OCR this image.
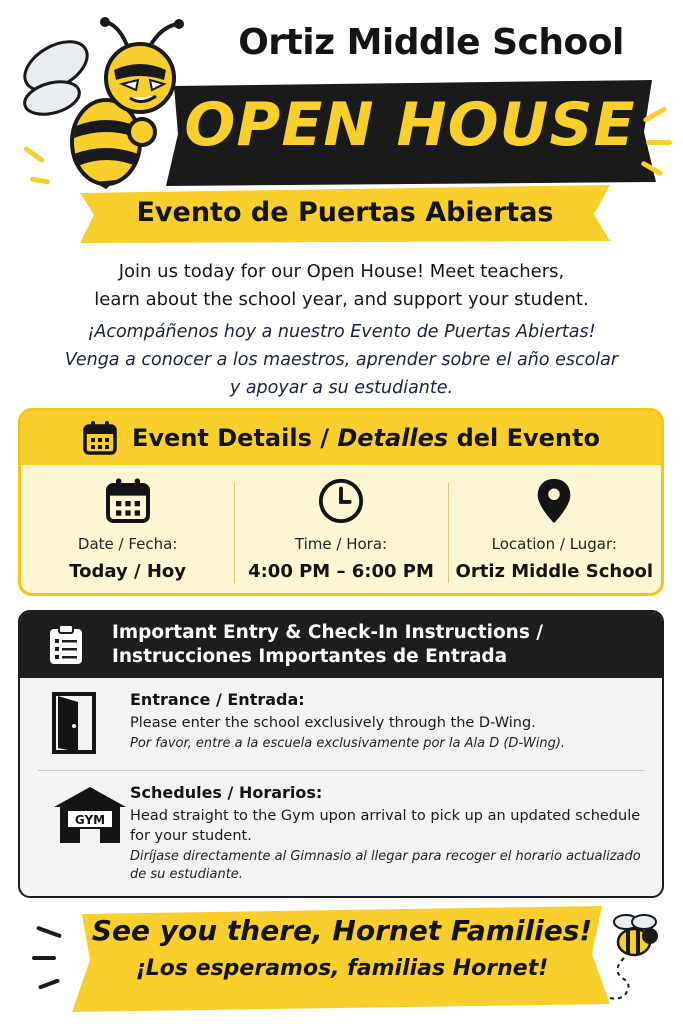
Ortiz Middle School
OPEN HOUSE
Evento de Puertas Abiertas
Join us today for our Open House! Meet teachers,
learn about the school year, and support your student.
¡Acompáñenos hoy a nuestro Evento de Puertas Abiertas!
Venga a conocer a los maestros, aprender sobre el año escolar
y apoyar a su estudiante.
Event Details / Detalles del Evento
Date / Fecha:
Today / Hoy
Time / Hora:
4:00 PM – 6:00 PM
Location / Lugar:
Ortiz Middle School
Important Entry & Check-In Instructions /
Instrucciones Importantes de Entrada
Entrance / Entrada:

Please enter the school exclusively through the D-Wing.

Por favor, entre a la escuela exclusivamente por la Ala D (D-Wing).

GYM
Schedules / Horarios:

Head straight to the Gym upon arrival to pick up an updated schedule for your student.

Diríjase directamente al Gimnasio al llegar para recoger el horario actualizado de su estudiante.

See you there, Hornet Families!
¡Los esperamos, familias Hornet!
